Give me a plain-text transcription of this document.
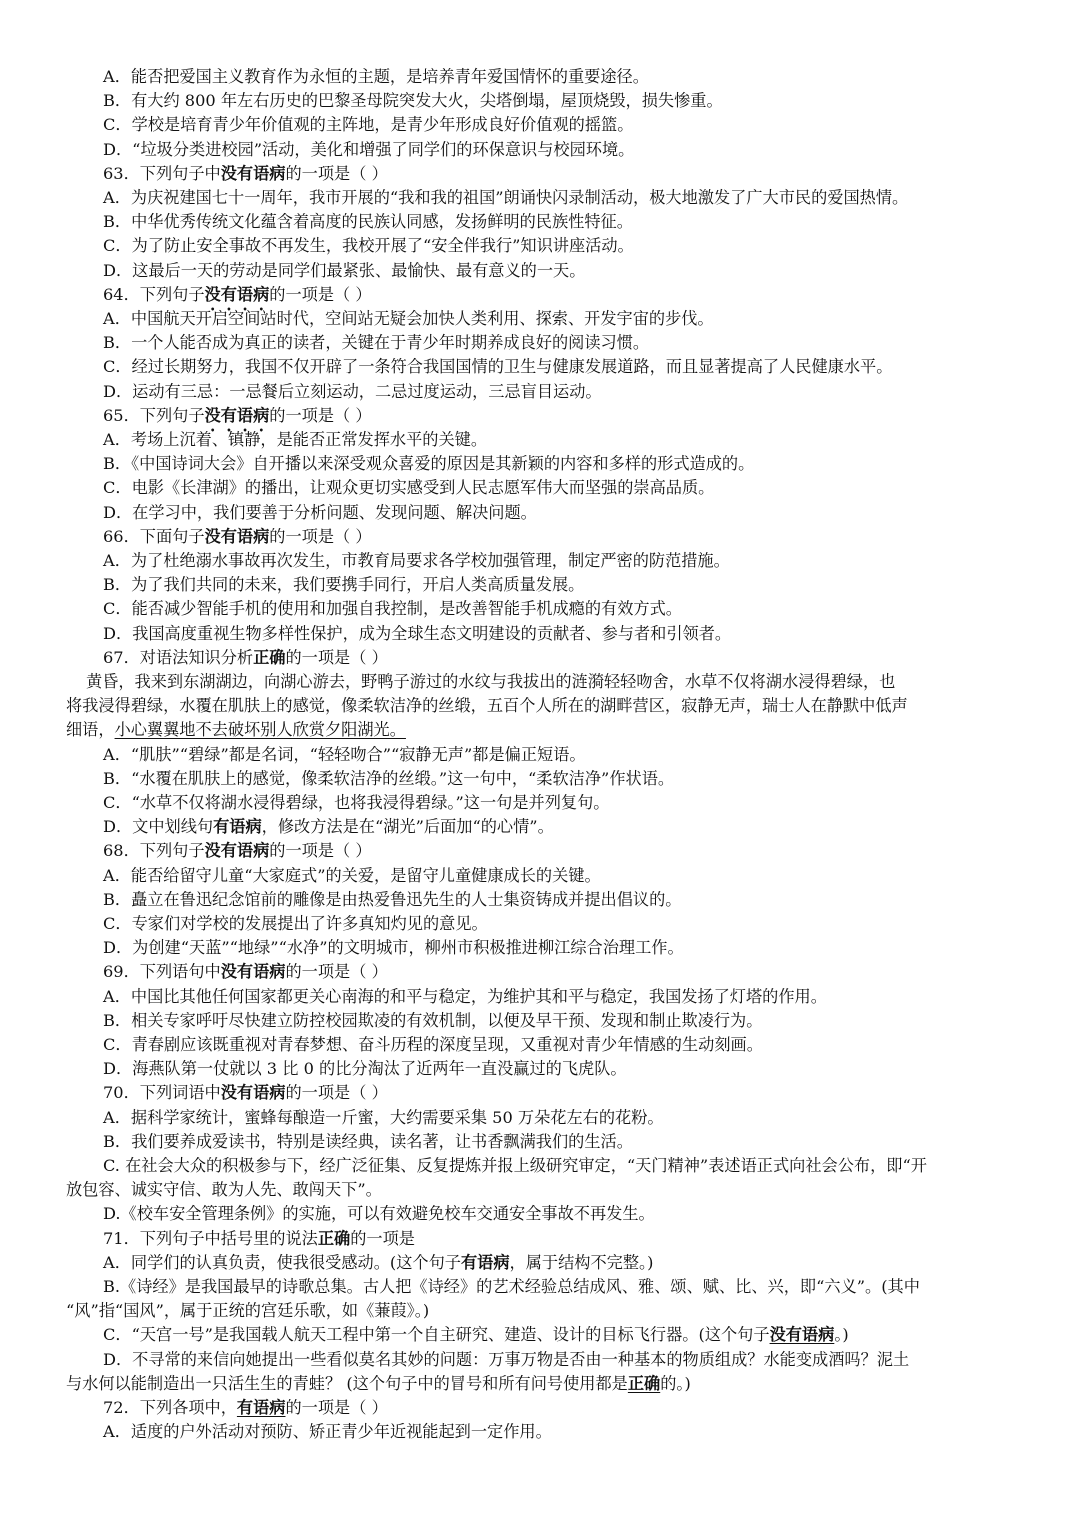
A．能否把爱国主义教育作为永恒的主题，是培养青年爱国情怀的重要途径。
B．有大约 800 年左右历史的巴黎圣母院突发大火，尖塔倒塌，屋顶烧毁，损失惨重。
C．学校是培育青少年价值观的主阵地，是青少年形成良好价值观的摇篮。
D．“垃圾分类进校园”活动，美化和增强了同学们的环保意识与校园环境。
63．下列句子中没有语病的一项是（ ）
A．为庆祝建国七十一周年，我市开展的“我和我的祖国”朗诵快闪录制活动，极大地激发了广大市民的爱国热情。
B．中华优秀传统文化蕴含着高度的民族认同感，发扬鲜明的民族性特征。
C．为了防止安全事故不再发生，我校开展了“安全伴我行”知识讲座活动。
D．这最后一天的劳动是同学们最紧张、最愉快、最有意义的一天。
64．下列句子没有语病的一项是（ ）
A．中国航天开启空间站时代，空间站无疑会加快人类利用、探索、开发宇宙的步伐。
B．一个人能否成为真正的读者，关键在于青少年时期养成良好的阅读习惯。
C．经过长期努力，我国不仅开辟了一条符合我国国情的卫生与健康发展道路，而且显著提高了人民健康水平。
D．运动有三忌：一忌餐后立刻运动，二忌过度运动，三忌盲目运动。
65．下列句子没有语病的一项是（ ）
A．考场上沉着、镇静，是能否正常发挥水平的关键。
B．《中国诗词大会》自开播以来深受观众喜爱的原因是其新颖的内容和多样的形式造成的。
C．电影《长津湖》的播出，让观众更切实感受到人民志愿军伟大而坚强的崇高品质。
D．在学习中，我们要善于分析问题、发现问题、解决问题。
66．下面句子没有语病的一项是（ ）
A．为了杜绝溺水事故再次发生，市教育局要求各学校加强管理，制定严密的防范措施。
B．为了我们共同的未来，我们要携手同行，开启人类高质量发展。
C．能否减少智能手机的使用和加强自我控制，是改善智能手机成瘾的有效方式。
D．我国高度重视生物多样性保护，成为全球生态文明建设的贡献者、参与者和引领者。
67．对语法知识分析正确的一项是（ ）
黄昏，我来到东湖湖边，向湖心游去，野鸭子游过的水纹与我拔出的涟漪轻轻吻舍，水草不仅将湖水浸得碧绿，也
将我浸得碧绿，水覆在肌肤上的感觉，像柔软洁净的丝缎，五百个人所在的湖畔营区，寂静无声，瑞士人在静默中低声
细语，小心翼翼地不去破坏别人欣赏夕阳湖光。
A．“肌肤”“碧绿”都是名词，“轻轻吻合”“寂静无声”都是偏正短语。
B．“水覆在肌肤上的感觉，像柔软洁净的丝缎。”这一句中，“柔软洁净”作状语。
C．“水草不仅将湖水浸得碧绿，也将我浸得碧绿。”这一句是并列复句。
D．文中划线句有语病，修改方法是在“湖光”后面加“的心情”。
68．下列句子没有语病的一项是（ ）
A．能否给留守儿童“大家庭式”的关爱，是留守儿童健康成长的关键。
B．矗立在鲁迅纪念馆前的雕像是由热爱鲁迅先生的人士集资铸成并提出倡议的。
C．专家们对学校的发展提出了许多真知灼见的意见。
D．为创建“天蓝”“地绿”“水净”的文明城市，柳州市积极推进柳江综合治理工作。
69．下列语句中没有语病的一项是（ ）
A．中国比其他任何国家都更关心南海的和平与稳定，为维护其和平与稳定，我国发扬了灯塔的作用。
B．相关专家呼吁尽快建立防控校园欺凌的有效机制，以便及早干预、发现和制止欺凌行为。
C．青春剧应该既重视对青春梦想、奋斗历程的深度呈现，又重视对青少年情感的生动刻画。
D．海燕队第一仗就以 3 比 0 的比分淘汰了近两年一直没赢过的飞虎队。
70．下列词语中没有语病的一项是（ ）
A．据科学家统计，蜜蜂每酿造一斤蜜，大约需要采集 50 万朵花左右的花粉。
B．我们要养成爱读书，特别是读经典，读名著，让书香飘满我们的生活。
C. 在社会大众的积极参与下，经广泛征集、反复提炼并报上级研究审定，“天门精神”表述语正式向社会公布，即“开
放包容、诚实守信、敢为人先、敢闯天下”。
D.《校车安全管理条例》的实施，可以有效避免校车交通安全事故不再发生。
71．下列句子中括号里的说法正确的一项是
A．同学们的认真负责，使我很受感动。(这个句子有语病，属于结构不完整。)
B.《诗经》是我国最早的诗歌总集。古人把《诗经》的艺术经验总结成风、雅、颂、赋、比、兴，即“六义”。(其中
“风”指“国风”，属于正统的宫廷乐歌，如《蒹葭》。)
C．“天宫一号”是我国载人航天工程中第一个自主研究、建造、设计的目标飞行器。(这个句子没有语病。)
D．不寻常的来信向她提出一些看似莫名其妙的问题：万事万物是否由一种基本的物质组成？水能变成酒吗？泥土
与水何以能制造出一只活生生的青蛙？ (这个句子中的冒号和所有问号使用都是正确的。)
72．下列各项中，有语病的一项是（ ）
A．适度的户外活动对预防、矫正青少年近视能起到一定作用。
